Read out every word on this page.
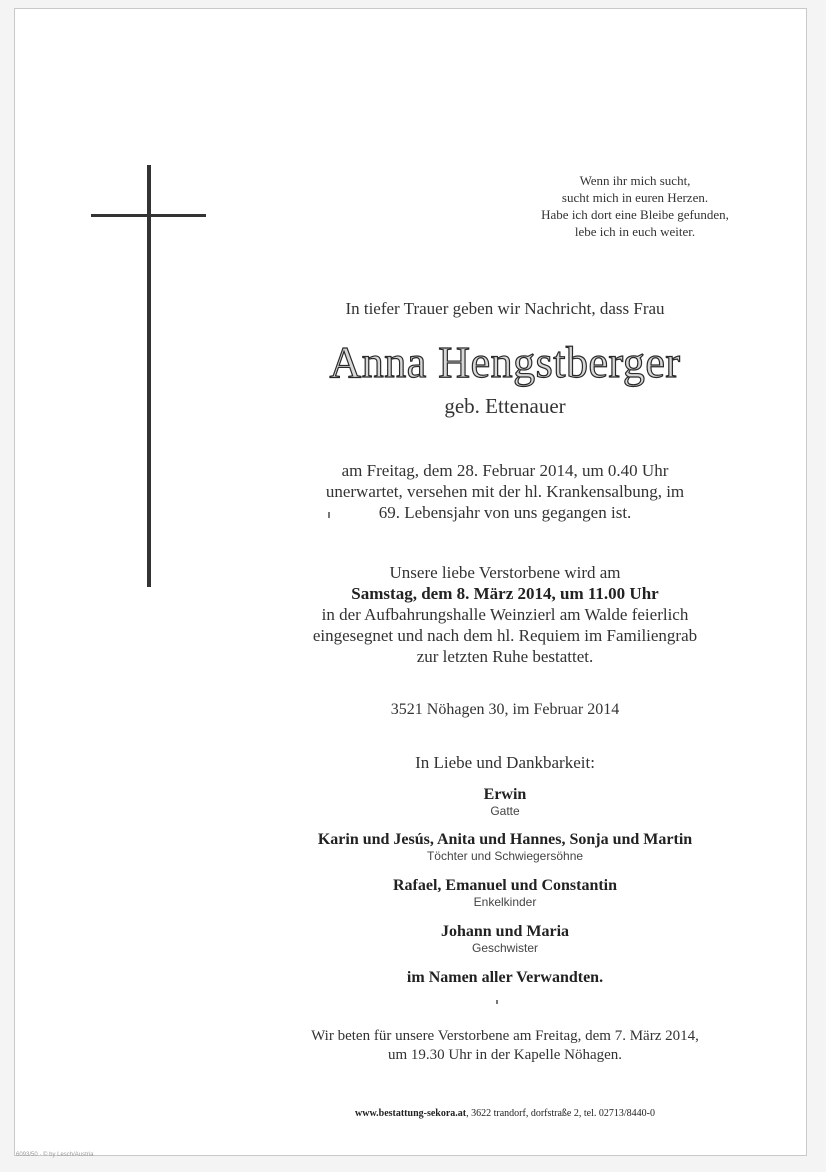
Wenn ihr mich sucht,
sucht mich in euren Herzen.
Habe ich dort eine Bleibe gefunden,
lebe ich in euch weiter.
In tiefer Trauer geben wir Nachricht, dass Frau
Anna Hengstberger
geb. Ettenauer
am Freitag, dem 28. Februar 2014, um 0.40 Uhr
unerwartet, versehen mit der hl. Krankensalbung, im
69. Lebensjahr von uns gegangen ist.
Unsere liebe Verstorbene wird am
Samstag, dem 8. März 2014, um 11.00 Uhr
in der Aufbahrungshalle Weinzierl am Walde feierlich
eingesegnet und nach dem hl. Requiem im Familiengrab
zur letzten Ruhe bestattet.
3521 Nöhagen 30, im Februar 2014
In Liebe und Dankbarkeit:
Erwin
Gatte
Karin und Jesús, Anita und Hannes, Sonja und Martin
Töchter und Schwiegersöhne
Rafael, Emanuel und Constantin
Enkelkinder
Johann und Maria
Geschwister
im Namen aller Verwandten.
Wir beten für unsere Verstorbene am Freitag, dem 7. März 2014,
um 19.30 Uhr in der Kapelle Nöhagen.
www.bestattung-sekora.at, 3622 trandorf, dorfstraße 2, tel. 02713/8440-0
6093/50 · © by Lesch/Austria
